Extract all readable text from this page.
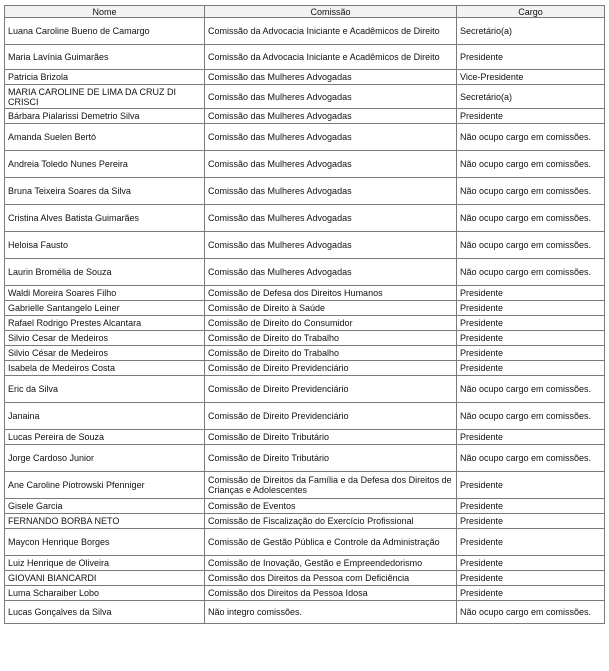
Nome	Comissão	Cargo
Luana Caroline Bueno de Camargo	Comissão da Advocacia Iniciante e Acadêmicos de Direito	Secretário(a)
Maria Lavínia Guimarães	Comissão da Advocacia Iniciante e Acadêmicos de Direito	Presidente
Patricia Brizola	Comissão das Mulheres Advogadas	Vice-Presidente
MARIA CAROLINE DE LIMA DA CRUZ DI CRISCI	Comissão das Mulheres Advogadas	Secretário(a)
Bárbara Pialarissi Demetrio Silva	Comissão das Mulheres Advogadas	Presidente
Amanda Suelen Bertó	Comissão das Mulheres Advogadas	Não ocupo cargo em comissões.
Andreia Toledo Nunes Pereira	Comissão das Mulheres Advogadas	Não ocupo cargo em comissões.
Bruna Teixeira Soares da Silva	Comissão das Mulheres Advogadas	Não ocupo cargo em comissões.
Cristina Alves Batista Guimarães	Comissão das Mulheres Advogadas	Não ocupo cargo em comissões.
Heloisa Fausto	Comissão das Mulheres Advogadas	Não ocupo cargo em comissões.
Laurin Bromélia de Souza	Comissão das Mulheres Advogadas	Não ocupo cargo em comissões.
Waldi Moreira Soares Filho	Comissão de Defesa dos Direitos Humanos	Presidente
Gabrielle Santangelo Leiner	Comissão de Direito à Saúde	Presidente
Rafael Rodrigo Prestes Alcantara	Comissão de Direito do Consumidor	Presidente
Silvio Cesar de Medeiros	Comissão de Direito do Trabalho	Presidente
Silvio César de Medeiros	Comissão de Direito do Trabalho	Presidente
Isabela de Medeiros Costa	Comissão de Direito Previdenciário	Presidente
Eric da Silva	Comissão de Direito Previdenciário	Não ocupo cargo em comissões.
Janaina	Comissão de Direito Previdenciário	Não ocupo cargo em comissões.
Lucas Pereira de Souza	Comissão de Direito Tributário	Presidente
Jorge Cardoso Junior	Comissão de Direito Tributário	Não ocupo cargo em comissões.
Ane Caroline Piotrowski Pfenniger	Comissão de Direitos da Família e da Defesa dos Direitos de Crianças e Adolescentes	Presidente
Gisele Garcia	Comissão de Eventos	Presidente
FERNANDO BORBA NETO	Comissão de Fiscalização do Exercício Profissional	Presidente
Maycon Henrique Borges	Comissão de Gestão Pública e Controle da Administração	Presidente
Luiz Henrique de Oliveira	Comissão de Inovação, Gestão e Empreendedorismo	Presidente
GIOVANI BIANCARDI	Comissão dos Direitos da Pessoa com Deficiência	Presidente
Luma Scharaiber Lobo	Comissão dos Direitos da Pessoa Idosa	Presidente
Lucas Gonçalves da Silva	Não integro comissões.	Não ocupo cargo em comissões.
